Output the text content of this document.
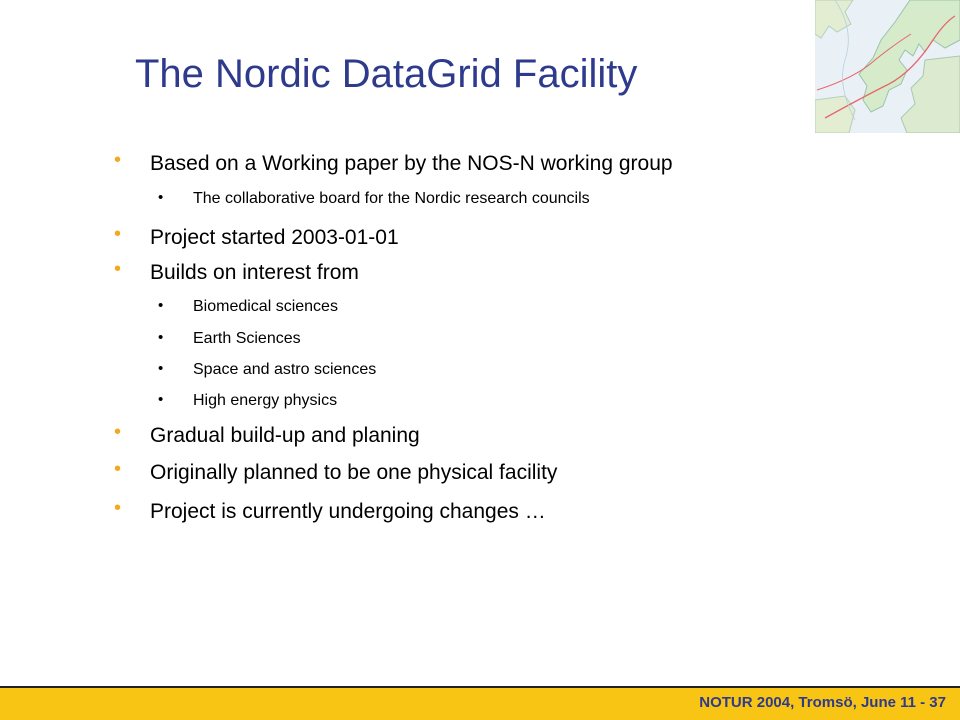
The Nordic DataGrid Facility
• Based on a Working paper by the NOS-N working group
• The collaborative board for the Nordic research councils
• Project started 2003-01-01
• Builds on interest from
• Biomedical sciences
• Earth Sciences
• Space and astro sciences
• High energy physics
• Gradual build-up and planing
• Originally planned to be one physical facility
• Project is currently undergoing changes …
NOTUR 2004, Tromsö, June 11 - 37
